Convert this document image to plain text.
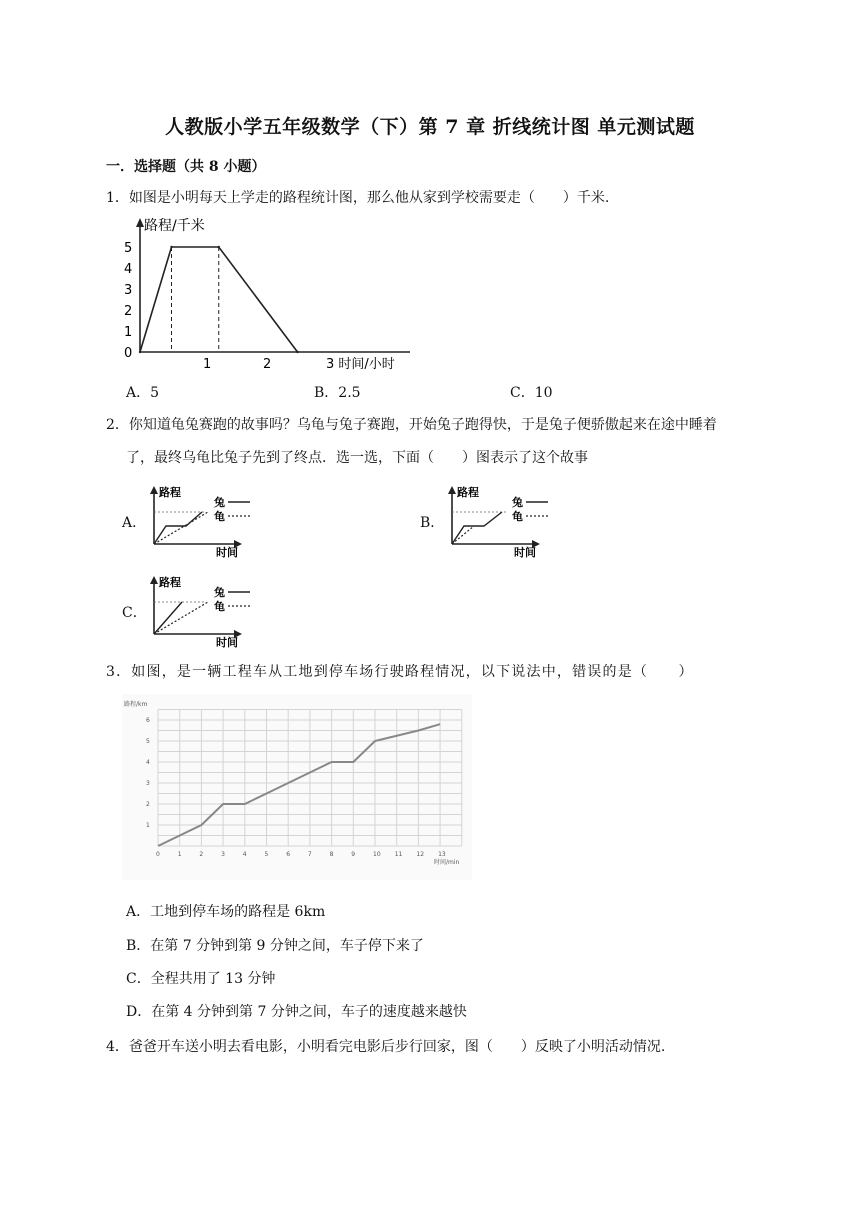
人教版小学五年级数学（下）第 7 章 折线统计图 单元测试题
一．选择题（共 8 小题）
1．如图是小明每天上学走的路程统计图，那么他从家到学校需要走（　　）千米.
路程/千米
0
1
2
3
4
5
1	2	3 时间/小时
A．5	B．2.5	C．10
2．你知道龟兔赛跑的故事吗？乌龟与兔子赛跑，开始兔子跑得快，于是兔子便骄傲起来在途中睡着
了，最终乌龟比兔子先到了终点．选一选，下面（　　）图表示了这个故事
A．
路程
时间
兔
龟	B．
路程
时间
兔
龟
C．
路程
时间
兔
龟
3．如图，是一辆工程车从工地到停车场行驶路程情况，以下说法中，错误的是（　　）
路程/km
时间/min
0	1	2	3	4	5	6	7	8	9	10 11 12 13
1
2
3
4
5
6
A．工地到停车场的路程是 6km
B．在第 7 分钟到第 9 分钟之间，车子停下来了
C．全程共用了 13 分钟
D．在第 4 分钟到第 7 分钟之间，车子的速度越来越快
4．爸爸开车送小明去看电影，小明看完电影后步行回家，图（　　）反映了小明活动情况.
